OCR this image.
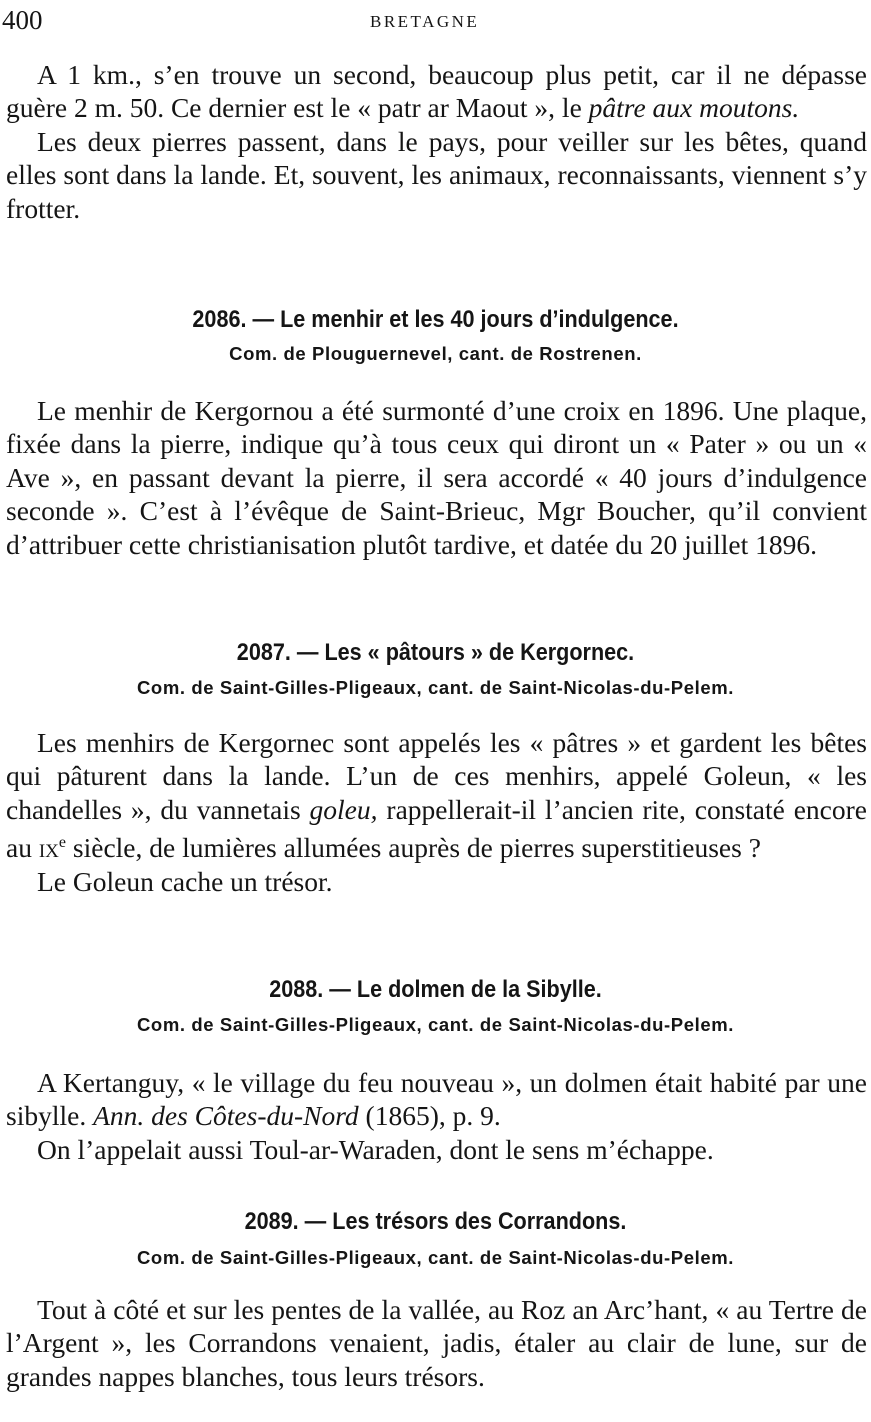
400	BRETAGNE

A 1 km., s’en trouve un second, beaucoup plus petit, car il ne dépasse guère 2 m. 50. Ce dernier est le « patr ar Maout », le pâtre aux moutons.

Les deux pierres passent, dans le pays, pour veiller sur les bêtes, quand elles sont dans la lande. Et, souvent, les animaux, reconnaissants, viennent s’y frotter.

2086. — Le menhir et les 40 jours d’indulgence.
Com. de Plouguernevel, cant. de Rostrenen.

Le menhir de Kergornou a été surmonté d’une croix en 1896. Une plaque, fixée dans la pierre, indique qu’à tous ceux qui diront un « Pater » ou un « Ave », en passant devant la pierre, il sera accordé « 40 jours d’indulgence seconde ». C’est à l’évêque de Saint-Brieuc, Mgr Boucher, qu’il convient d’attribuer cette christianisation plutôt tardive, et datée du 20 juillet 1896.

2087. — Les « pâtours » de Kergornec.
Com. de Saint-Gilles-Pligeaux, cant. de Saint-Nicolas-du-Pelem.

Les menhirs de Kergornec sont appelés les « pâtres » et gardent les bêtes qui pâturent dans la lande. L’un de ces menhirs, appelé Goleun, « les chandelles », du vannetais goleu, rappellerait-il l’ancien rite, constaté encore au $ix^e$ siècle, de lumières allumées auprès de pierres superstitieuses ?

Le Goleun cache un trésor.

2088. — Le dolmen de la Sibylle.
Com. de Saint-Gilles-Pligeaux, cant. de Saint-Nicolas-du-Pelem.

A Kertanguy, « le village du feu nouveau », un dolmen était habité par une sibylle. Ann. des Côtes-du-Nord (1865), p. 9.

On l’appelait aussi Toul-ar-Waraden, dont le sens m’échappe.

2089. — Les trésors des Corrandons.
Com. de Saint-Gilles-Pligeaux, cant. de Saint-Nicolas-du-Pelem.

Tout à côté et sur les pentes de la vallée, au Roz an Arc’hant, « au Tertre de l’Argent », les Corrandons venaient, jadis, étaler au clair de lune, sur de grandes nappes blanches, tous leurs trésors.
